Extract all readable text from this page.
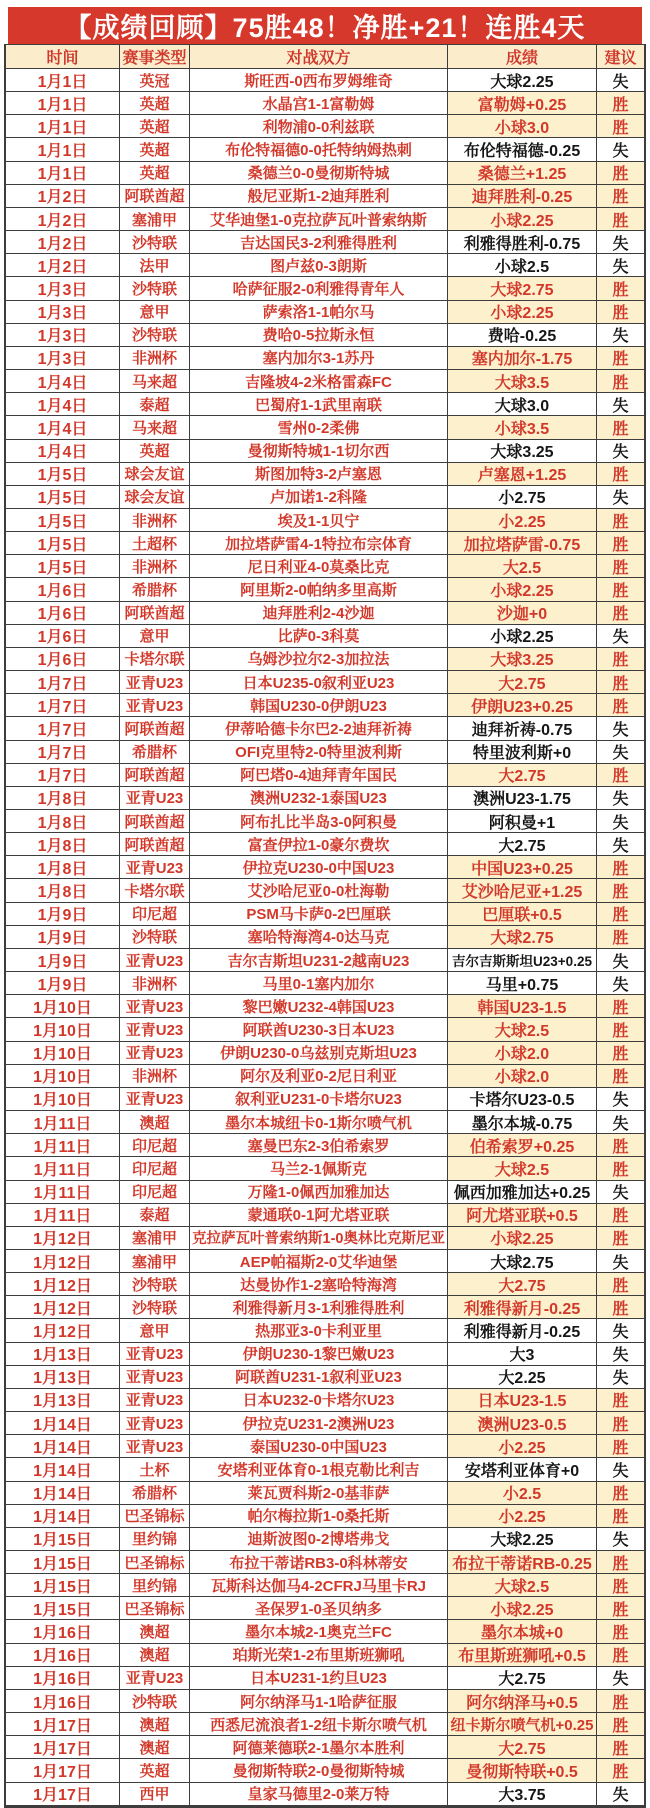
【成绩回顾】75胜48！净胜+21！连胜4天
时间	赛事类型	对战双方	成绩	建议
1月1日	英冠	斯旺西-0西布罗姆维奇	大球2.25	失
1月1日	英超	水晶宫1-1富勒姆	富勒姆+0.25	胜
1月1日	英超	利物浦0-0利兹联	小球3.0	胜
1月1日	英超	布伦特福德0-0托特纳姆热刺	布伦特福德-0.25 失
1月1日	英超	桑德兰0-0曼彻斯特城	桑德兰+1.25	胜
1月2日 阿联酋超	般尼亚斯1-2迪拜胜利	迪拜胜利-0.25	胜
1月2日	塞浦甲 艾华迪堡1-0克拉萨瓦叶普索纳斯	小球2.25	胜
1月2日	沙特联	吉达国民3-2利雅得胜利	利雅得胜利-0.75 失
1月2日	法甲	图卢兹0-3朗斯	小球2.5	失
1月3日	沙特联	哈萨征服2-0利雅得青年人	大球2.75	胜
1月3日	意甲	萨索洛1-1帕尔马	小球2.25	胜
1月3日	沙特联	费哈0-5拉斯永恒	费哈-0.25	失
1月3日	非洲杯	塞内加尔3-1苏丹	塞内加尔-1.75	胜
1月4日	马来超	吉隆坡4-2米格雷森FC	大球3.5	胜
1月4日	泰超	巴蜀府1-1武里南联	大球3.0	失
1月4日	马来超	雪州0-2柔佛	小球3.5	胜
1月4日	英超	曼彻斯特城1-1切尔西	大球3.25	失
1月5日 球会友谊	斯图加特3-2卢塞恩	卢塞恩+1.25	胜
1月5日 球会友谊	卢加诺1-2科隆	小2.75	失
1月5日	非洲杯	埃及1-1贝宁	小2.25	胜
1月5日	土超杯	加拉塔萨雷4-1特拉布宗体育	加拉塔萨雷-0.75 胜
1月5日	非洲杯	尼日利亚4-0莫桑比克	大2.5	胜
1月6日	希腊杯	阿里斯2-0帕纳多里高斯	小球2.25	胜
1月6日 阿联酋超	迪拜胜利2-4沙迦	沙迦+0	胜
1月6日	意甲	比萨0-3科莫	小球2.25	失
1月6日 卡塔尔联	乌姆沙拉尔2-3加拉法	大球3.25	胜
1月7日	亚青U23	日本U235-0叙利亚U23	大2.75	胜
1月7日	亚青U23	韩国U230-0伊朗U23	伊朗U23+0.25 胜
1月7日 阿联酋超	伊蒂哈德卡尔巴2-2迪拜祈祷	迪拜祈祷-0.75	失
1月7日	希腊杯	OFI克里特2-0特里波利斯	特里波利斯+0	失
1月7日 阿联酋超	阿巴塔0-4迪拜青年国民	大2.75	胜
1月8日	亚青U23	澳洲U232-1泰国U23	澳洲U23-1.75	失
1月8日 阿联酋超	阿布扎比半岛3-0阿积曼	阿积曼+1	失
1月8日 阿联酋超	富查伊拉1-0豪尔费坎	大2.75	失
1月8日	亚青U23	伊拉克U230-0中国U23	中国U23+0.25 胜
1月8日 卡塔尔联	艾沙哈尼亚0-0杜海勒	艾沙哈尼亚+1.25 胜
1月9日	印尼超	PSM马卡萨0-2巴厘联	巴厘联+0.5	胜
1月9日	沙特联	塞哈特海湾4-0达马克	大球2.75	胜
1月9日	亚青U23	吉尔吉斯坦U231-2越南U23	吉尔吉斯斯坦U23+0.25 失
1月9日	非洲杯	马里0-1塞内加尔	马里+0.75	失
1月10日 亚青U23	黎巴嫩U232-4韩国U23	韩国U23-1.5	胜
1月10日 亚青U23	阿联酋U230-3日本U23	大球2.5	胜
1月10日 亚青U23 伊朗U230-0乌兹别克斯坦U23	小球2.0	胜
1月10日	非洲杯	阿尔及利亚0-2尼日利亚	小球2.0	胜
1月10日 亚青U23	叙利亚U231-0卡塔尔U23	卡塔尔U23-0.5 失
1月11日	澳超	墨尔本城纽卡0-1斯尔喷气机	墨尔本城-0.75	失
1月11日	印尼超	塞曼巴东2-3伯希索罗	伯希索罗+0.25 胜
1月11日	印尼超	马兰2-1佩斯克	大球2.5	胜
1月11日	印尼超	万隆1-0佩西加雅加达	佩西加雅加达+0.25 失
1月11日	泰超	蒙通联0-1阿尤塔亚联	阿尤塔亚联+0.5 胜
1月12日	塞浦甲 克拉萨瓦叶普索纳斯1-0奥林比克斯尼亚	小球2.25	胜
1月12日	塞浦甲	AEP帕福斯2-0艾华迪堡	大球2.75	失
1月12日	沙特联	达曼协作1-2塞哈特海湾	大2.75	胜
1月12日	沙特联	利雅得新月3-1利雅得胜利	利雅得新月-0.25 胜
1月12日	意甲	热那亚3-0卡利亚里	利雅得新月-0.25 失
1月13日 亚青U23	伊朗U230-1黎巴嫩U23	大3	失
1月13日 亚青U23	阿联酋U231-1叙利亚U23	大2.25	失
1月13日 亚青U23	日本U232-0卡塔尔U23	日本U23-1.5	胜
1月14日 亚青U23	伊拉克U231-2澳洲U23	澳洲U23-0.5	胜
1月14日 亚青U23	泰国U230-0中国U23	小2.25	胜
1月14日	土杯	安塔利亚体育0-1根克勒比利吉	安塔利亚体育+0 失
1月14日	希腊杯	莱瓦贾科斯2-0基菲萨	小2.5	胜
1月14日 巴圣锦标	帕尔梅拉斯1-0桑托斯	小2.25	胜
1月15日	里约锦	迪斯波图0-2博塔弗戈	大球2.25	失
1月15日 巴圣锦标	布拉干蒂诺RB3-0科林蒂安	布拉干蒂诺RB-0.25 胜
1月15日	里约锦 瓦斯科达伽马4-2CFRJ马里卡RJ	大球2.5	胜
1月15日 巴圣锦标	圣保罗1-0圣贝纳多	小球2.25	胜
1月16日	澳超	墨尔本城2-1奥克兰FC	墨尔本城+0	胜
1月16日	澳超	珀斯光荣1-2布里斯班狮吼	布里斯班狮吼+0.5 胜
1月16日 亚青U23	日本U231-1约旦U23	大2.75	失
1月16日	沙特联	阿尔纳泽马1-1哈萨征服	阿尔纳泽马+0.5 胜
1月17日	澳超	西悉尼流浪者1-2纽卡斯尔喷气机 纽卡斯尔喷气机+0.25 胜
1月17日	澳超	阿德莱德联2-1墨尔本胜利	大2.75	胜
1月17日	英超	曼彻斯特联2-0曼彻斯特城	曼彻斯特联+0.5 胜
1月17日	西甲	皇家马德里2-0莱万特	大3.75	失
